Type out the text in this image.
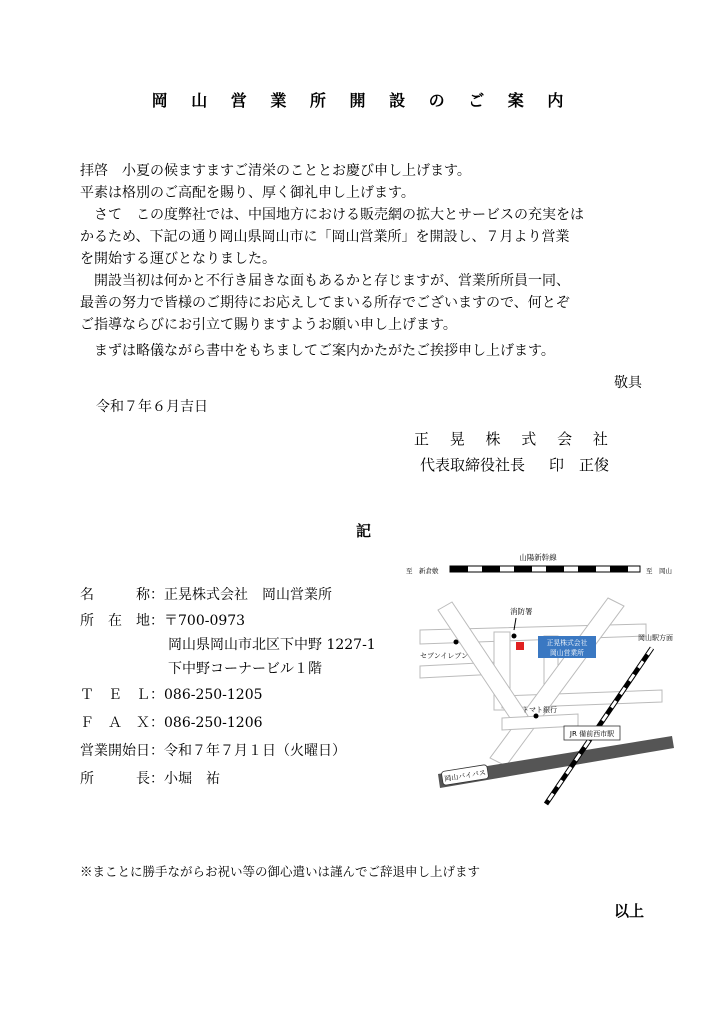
岡 山 営 業 所 開 設 の ご 案 内
拝啓　小夏の候ますますご清栄のこととお慶び申し上げます。
平素は格別のご高配を賜り、厚く御礼申し上げます。
　さて　この度弊社では、中国地方における販売網の拡大とサービスの充実をは
かるため、下記の通り岡山県岡山市に「岡山営業所」を開設し、７月より営業
を開始する運びとなりました。
　開設当初は何かと不行き届きな面もあるかと存じますが、営業所所員一同、
最善の努力で皆様のご期待にお応えしてまいる所存でございますので、何とぞ
ご指導ならびにお引立て賜りますようお願い申し上げます。
　まずは略儀ながら書中をもちましてご案内かたがたご挨拶申し上げます。
敬具
令和７年６月吉日
正 晃 株 式 会 社
代表取締役社長 印　正俊
記
名　　　称：正晃株式会社　岡山営業所
所　在　地：〒700-0973
岡山県岡山市北区下中野 1227-1
下中野コーナービル１階
Ｔ　Ｅ　Ｌ：086-250-1205
Ｆ　Ａ　Ｘ：086-250-1206
営業開始日：令和７年７月１日（火曜日）
所　　　長：小堀　祐
山陽新幹線
至　新倉敷	至　岡山
岡山バイパス
JR 備前西市駅
消防署
セブンイレブン
正晃株式会社
岡山営業所
岡山駅方面
トマト銀行
※まことに勝手ながらお祝い等の御心遣いは謹んでご辞退申し上げます
以上
